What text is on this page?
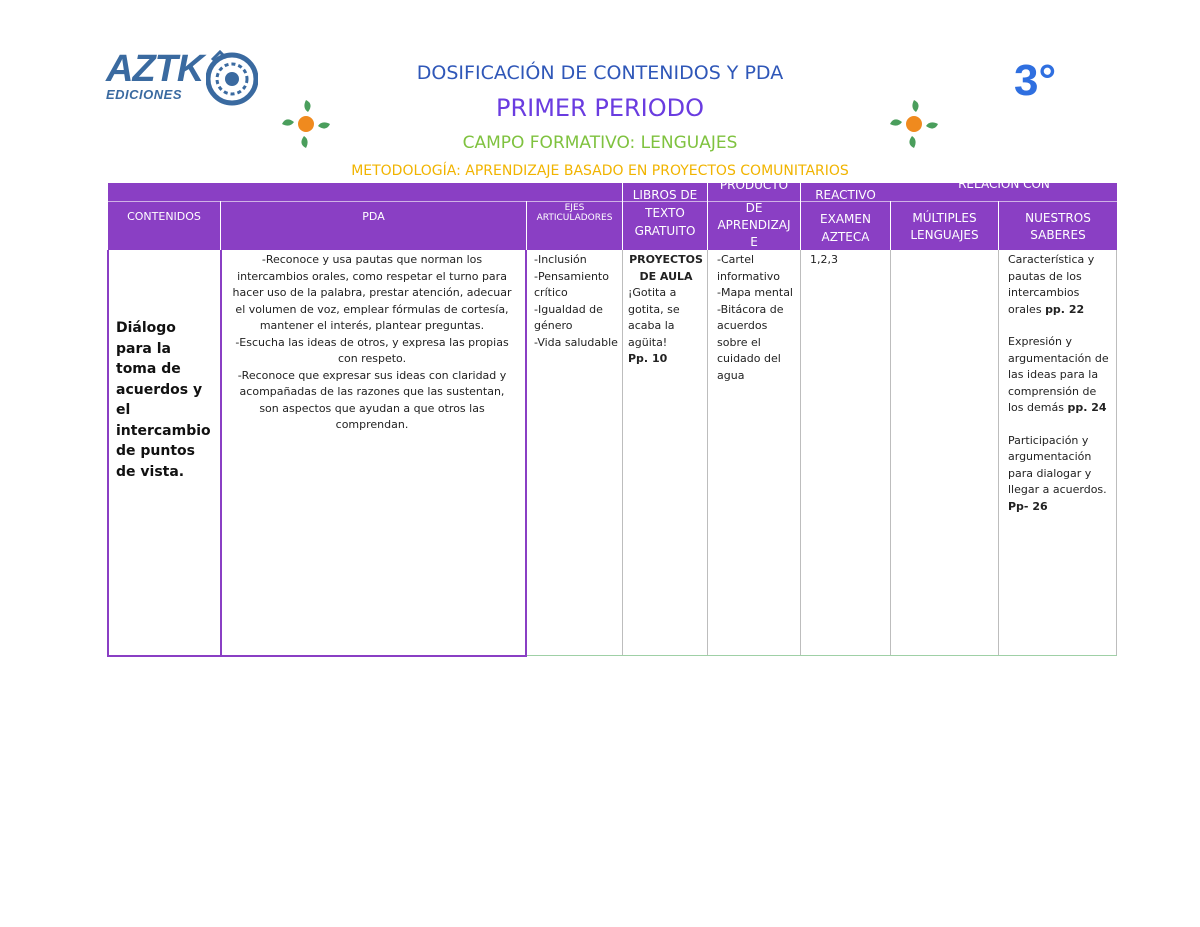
AZTK
EDICIONES
DOSIFICACIÓN DE CONTENIDOS Y PDA
PRIMER PERIODO
CAMPO FORMATIVO: LENGUAJES
METODOLOGÍA: APRENDIZAJE BASADO EN PROYECTOS COMUNITARIOS
3°
CONTENIDOS	PDA
EJES
ARTICULADORES
LIBROS DE
TEXTO
GRATUITO
PRODUCTO
DE
APRENDIZAJ
E
REACTIVO
EXAMEN
AZTECA
RELACIÓN CON
MÚLTIPLES
LENGUAJES
NUESTROS
SABERES
Diálogo para la toma de acuerdos y el intercambio de puntos de vista.
-Reconoce y usa pautas que norman los intercambios orales, como respetar el turno para hacer uso de la palabra, prestar atención, adecuar el volumen de voz, emplear fórmulas de cortesía, mantener el interés, plantear preguntas.
-Escucha las ideas de otros, y expresa las propias con respeto.
-Reconoce que expresar sus ideas con claridad y acompañadas de las razones que las sustentan, son aspectos que ayudan a que otros las comprendan.
-Inclusión
-Pensamiento crítico
-Igualdad de género
-Vida saludable
PROYECTOS DE AULA
¡Gotita a gotita, se acaba la agüita!
Pp. 10
-Cartel informativo
-Mapa mental
-Bitácora de acuerdos sobre el cuidado del agua
1,2,3	Característica y pautas de los intercambios orales pp. 22
Expresión y argumentación de las ideas para la comprensión de los demás pp. 24
Participación y argumentación para dialogar y llegar a acuerdos. Pp- 26
